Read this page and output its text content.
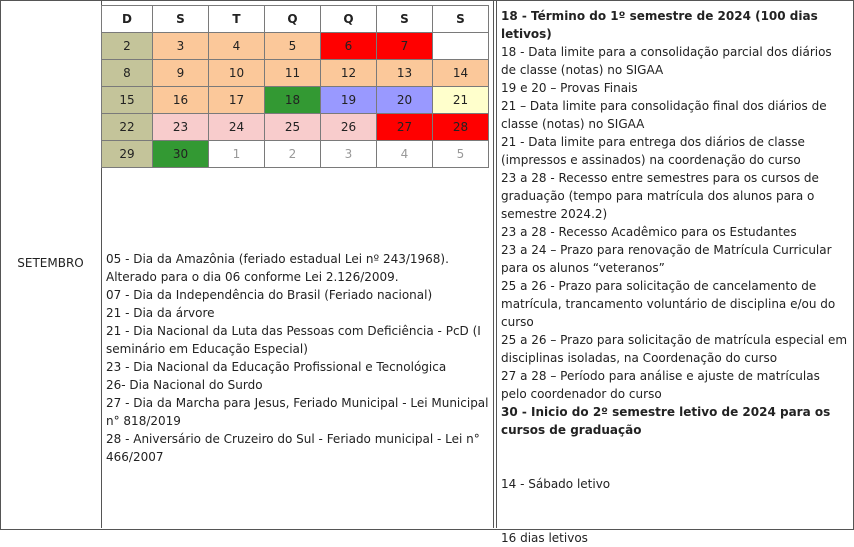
SETEMBRO
D	S	T	Q	Q	S	S
2	3	4	5	6	7	
8	9	10	11	12	13	14
15	16	17	18	19	20	21
22	23	24	25	26	27	28
29	30	1	2	3	4	5
05 - Dia da Amazônia (feriado estadual Lei nº 243/1968). Alterado para o dia 06 conforme Lei 2.126/2009.
07 - Dia da Independência do Brasil (Feriado nacional)
21 - Dia da árvore
21 - Dia Nacional da Luta das Pessoas com Deficiência - PcD (I seminário em Educação Especial)
23 - Dia Nacional da Educação Profissional e Tecnológica
26- Dia Nacional do Surdo
27 - Dia da Marcha para Jesus, Feriado Municipal - Lei Municipal n° 818/2019
28 - Aniversário de Cruzeiro do Sul - Feriado municipal - Lei n° 466/2007
18 - Término do 1º semestre de 2024 (100 dias letivos)
18 - Data limite para a consolidação parcial dos diários de classe (notas) no SIGAA
19 e 20 – Provas Finais
21 – Data limite para consolidação final dos diários de classe (notas) no SIGAA
21 - Data limite para entrega dos diários de classe (impressos e assinados) na coordenação do curso
23 a 28 - Recesso entre semestres para os cursos de graduação (tempo para matrícula dos alunos para o semestre 2024.2)
23 a 28 - Recesso Acadêmico para os Estudantes
23 a 24 – Prazo para renovação de Matrícula Curricular para os alunos “veteranos”
25 a 26 - Prazo para solicitação de cancelamento de matrícula, trancamento voluntário de disciplina e/ou do curso
25 a 26 – Prazo para solicitação de matrícula especial em disciplinas isoladas, na Coordenação do curso
27 a 28 – Período para análise e ajuste de matrículas pelo coordenador do curso
30 - Inicio do 2º semestre letivo de 2024 para os cursos de graduação
14 - Sábado letivo
16 dias letivos
